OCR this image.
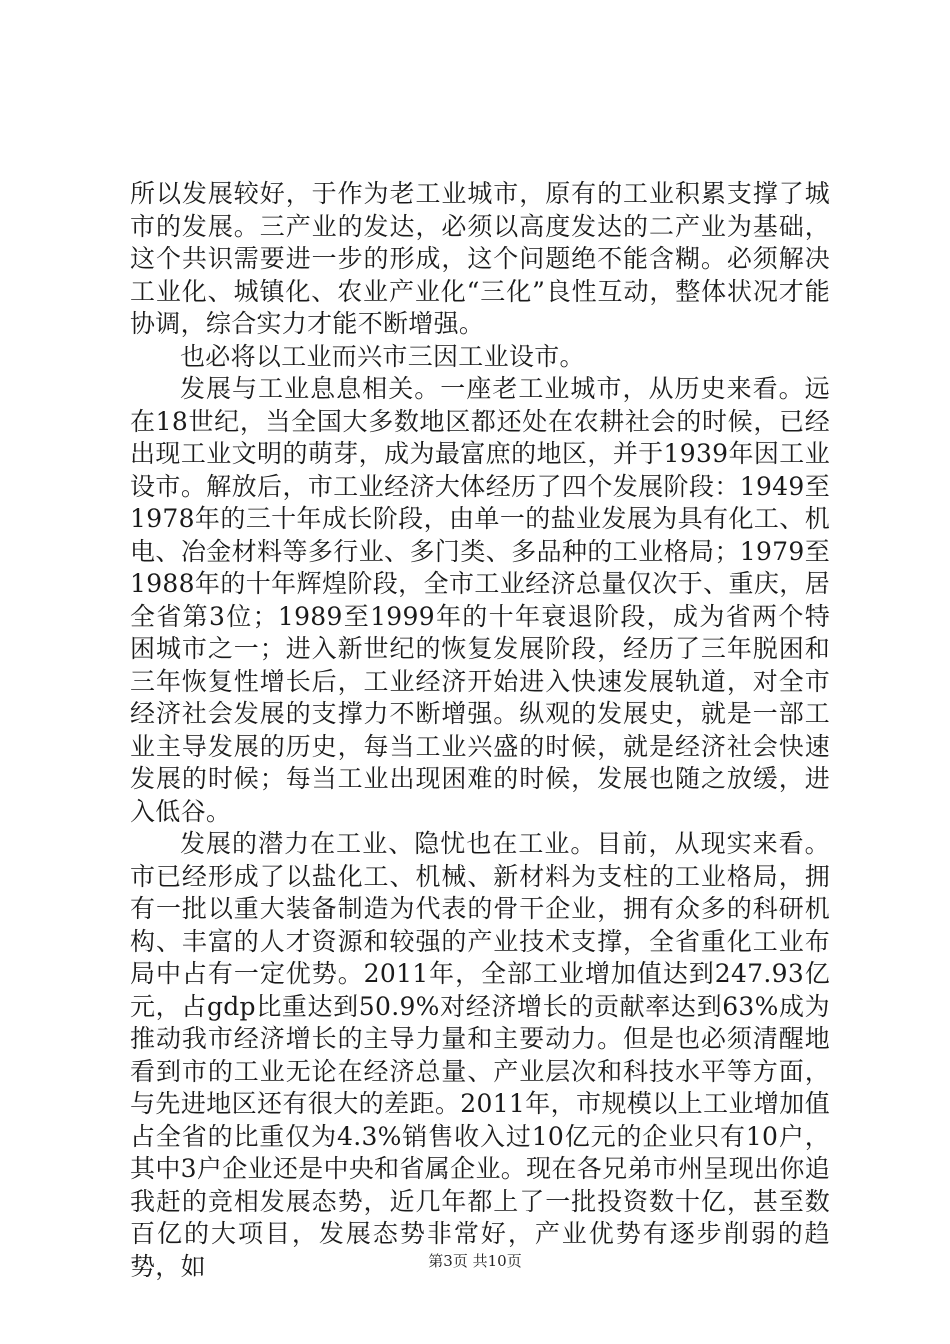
所以发展较好，于作为老工业城市，原有的工业积累支撑了城市的发展。三产业的发达，必须以高度发达的二产业为基础，这个共识需要进一步的形成，这个问题绝不能含糊。必须解决工业化、城镇化、农业产业化“三化”良性互动，整体状况才能协调，综合实力才能不断增强。

也必将以工业而兴市三因工业设市。

发展与工业息息相关。一座老工业城市，从历史来看。远在18世纪，当全国大多数地区都还处在农耕社会的时候，已经出现工业文明的萌芽，成为最富庶的地区，并于1939年因工业设市。解放后，市工业经济大体经历了四个发展阶段：1949至1978年的三十年成长阶段，由单一的盐业发展为具有化工、机电、冶金材料等多行业、多门类、多品种的工业格局；1979至1988年的十年辉煌阶段，全市工业经济总量仅次于、重庆，居全省第3位；1989至1999年的十年衰退阶段，成为省两个特困城市之一；进入新世纪的恢复发展阶段，经历了三年脱困和三年恢复性增长后，工业经济开始进入快速发展轨道，对全市经济社会发展的支撑力不断增强。纵观的发展史，就是一部工业主导发展的历史，每当工业兴盛的时候，就是经济社会快速发展的时候；每当工业出现困难的时候，发展也随之放缓，进入低谷。

发展的潜力在工业、隐忧也在工业。目前，从现实来看。市已经形成了以盐化工、机械、新材料为支柱的工业格局，拥有一批以重大装备制造为代表的骨干企业，拥有众多的科研机构、丰富的人才资源和较强的产业技术支撑，全省重化工业布局中占有一定优势。2011年，全部工业增加值达到247.93亿元，占gdp比重达到50.9%对经济增长的贡献率达到63%成为推动我市经济增长的主导力量和主要动力。但是也必须清醒地看到市的工业无论在经济总量、产业层次和科技水平等方面，与先进地区还有很大的差距。2011年，市规模以上工业增加值占全省的比重仅为4.3%销售收入过10亿元的企业只有10户，其中3户企业还是中央和省属企业。现在各兄弟市州呈现出你追我赶的竞相发展态势，近几年都上了一批投资数十亿，甚至数百亿的大项目，发展态势非常好，产业优势有逐步削弱的趋势，如	第3页 共10页
